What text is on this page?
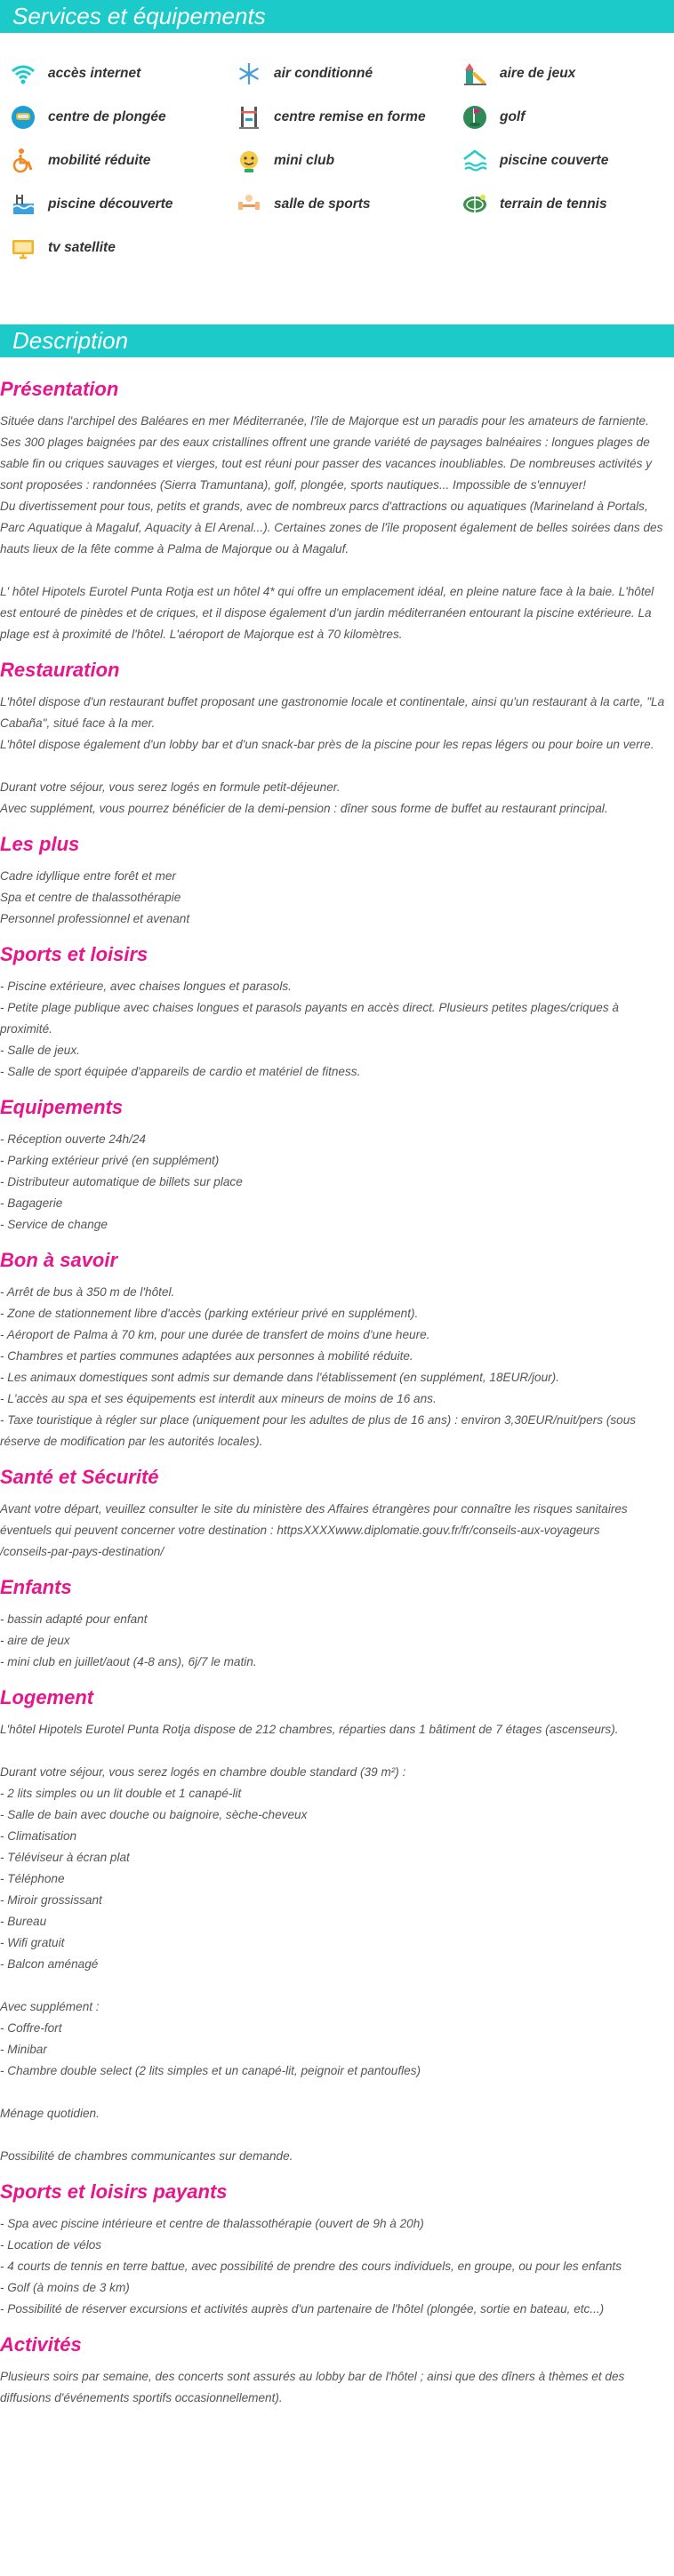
Services et équipements
accès internet	air conditionné	aire de jeux
centre de plongée	centre remise en forme	golf
mobilité réduite	mini club	piscine couverte
piscine découverte	salle de sports	terrain de tennis
tv satellite
Description
Présentation
Située dans l'archipel des Baléares en mer Méditerranée, l'île de Majorque est un paradis pour les amateurs de farniente. Ses 300 plages baignées par des eaux cristallines offrent une grande variété de paysages balnéaires : longues plages de sable fin ou criques sauvages et vierges, tout est réuni pour passer des vacances inoubliables. De nombreuses activités y sont proposées : randonnées (Sierra Tramuntana), golf, plongée, sports nautiques... Impossible de s'ennuyer!
Du divertissement pour tous, petits et grands, avec de nombreux parcs d'attractions ou aquatiques (Marineland à Portals, Parc Aquatique à Magaluf, Aquacity à El Arenal...). Certaines zones de l'île proposent également de belles soirées dans des hauts lieux de la fête comme à Palma de Majorque ou à Magaluf.

L' hôtel Hipotels Eurotel Punta Rotja est un hôtel 4* qui offre un emplacement idéal, en pleine nature face à la baie. L'hôtel est entouré de pinèdes et de criques, et il dispose également d'un jardin méditerranéen entourant la piscine extérieure. La plage est à proximité de l'hôtel. L'aéroport de Majorque est à 70 kilomètres.
Restauration
L'hôtel dispose d'un restaurant buffet proposant une gastronomie locale et continentale, ainsi qu'un restaurant à la carte, "La Cabaña", situé face à la mer.
L'hôtel dispose également d'un lobby bar et d'un snack-bar près de la piscine pour les repas légers ou pour boire un verre.

Durant votre séjour, vous serez logés en formule petit-déjeuner.
Avec supplément, vous pourrez bénéficier de la demi-pension : dîner sous forme de buffet au restaurant principal.
Les plus
Cadre idyllique entre forêt et mer
Spa et centre de thalassothérapie
Personnel professionnel et avenant
Sports et loisirs
- Piscine extérieure, avec chaises longues et parasols.
- Petite plage publique avec chaises longues et parasols payants en accès direct. Plusieurs petites plages/criques à proximité.
- Salle de jeux.
- Salle de sport équipée d'appareils de cardio et matériel de fitness.
Equipements
- Réception ouverte 24h/24
- Parking extérieur privé (en supplément)
- Distributeur automatique de billets sur place
- Bagagerie
- Service de change
Bon à savoir
- Arrêt de bus à 350 m de l'hôtel.
- Zone de stationnement libre d'accès (parking extérieur privé en supplément).
- Aéroport de Palma à 70 km, pour une durée de transfert de moins d'une heure.
- Chambres et parties communes adaptées aux personnes à mobilité réduite.
- Les animaux domestiques sont admis sur demande dans l'établissement (en supplément, 18EUR/jour).
- L'accès au spa et ses équipements est interdit aux mineurs de moins de 16 ans.
- Taxe touristique à régler sur place (uniquement pour les adultes de plus de 16 ans) : environ 3,30EUR/nuit/pers (sous réserve de modification par les autorités locales).
Santé et Sécurité
Avant votre départ, veuillez consulter le site du ministère des Affaires étrangères pour connaître les risques sanitaires éventuels qui peuvent concerner votre destination : httpsXXXXwww.diplomatie.gouv.fr/fr/conseils-aux-voyageurs
/conseils-par-pays-destination/
Enfants
- bassin adapté pour enfant
- aire de jeux
- mini club en juillet/aout (4-8 ans), 6j/7 le matin.
Logement
L'hôtel Hipotels Eurotel Punta Rotja dispose de 212 chambres, réparties dans 1 bâtiment de 7 étages (ascenseurs).

Durant votre séjour, vous serez logés en chambre double standard (39 m²) :
- 2 lits simples ou un lit double et 1 canapé-lit
- Salle de bain avec douche ou baignoire, sèche-cheveux
- Climatisation
- Téléviseur à écran plat
- Téléphone
- Miroir grossissant
- Bureau
- Wifi gratuit
- Balcon aménagé

Avec supplément :
- Coffre-fort
- Minibar
- Chambre double select (2 lits simples et un canapé-lit, peignoir et pantoufles)

Ménage quotidien.

Possibilité de chambres communicantes sur demande.
Sports et loisirs payants
- Spa avec piscine intérieure et centre de thalassothérapie (ouvert de 9h à 20h)
- Location de vélos
- 4 courts de tennis en terre battue, avec possibilité de prendre des cours individuels, en groupe, ou pour les enfants
- Golf (à moins de 3 km)
- Possibilité de réserver excursions et activités auprès d'un partenaire de l'hôtel (plongée, sortie en bateau, etc...)
Activités
Plusieurs soirs par semaine, des concerts sont assurés au lobby bar de l'hôtel ; ainsi que des dîners à thèmes et des diffusions d'événements sportifs occasionnellement).
